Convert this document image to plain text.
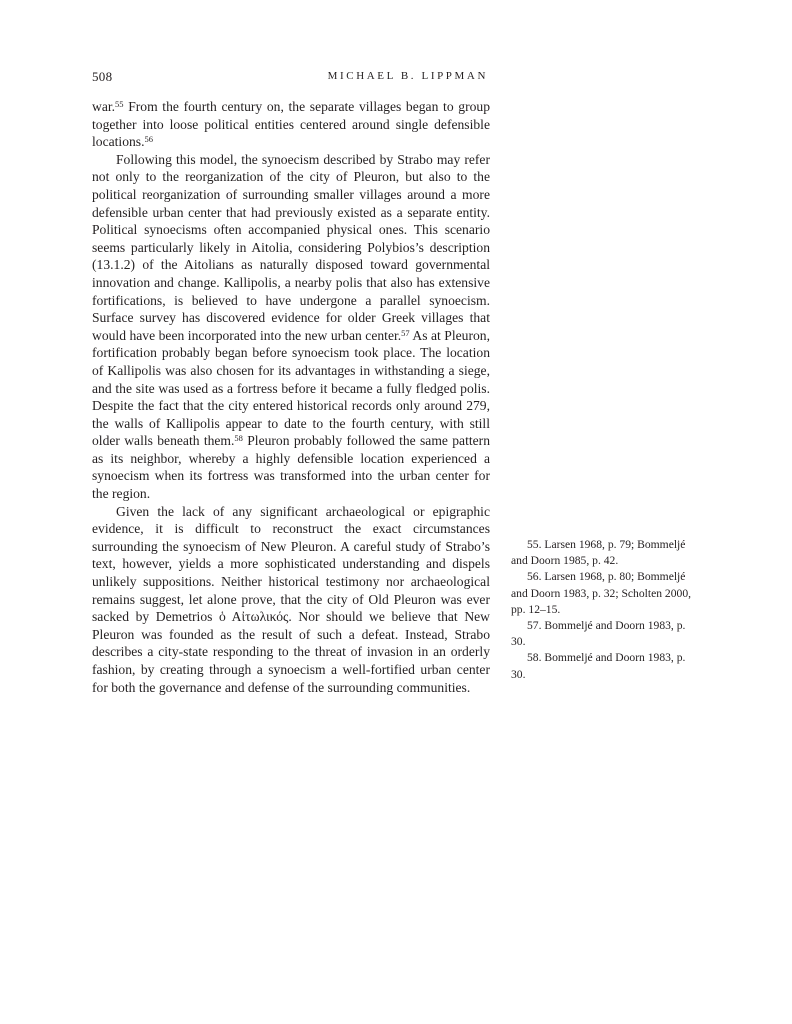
508	MICHAEL B. LIPPMAN

war.$^{55}$ From the fourth century on, the separate villages began to group together into loose political entities centered around single defensible locations.$^{56}$

Following this model, the synoecism described by Strabo may refer not only to the reorganization of the city of Pleuron, but also to the political reorganization of surrounding smaller villages around a more defensible urban center that had previously existed as a separate entity. Political synoecisms often accompanied physical ones. This scenario seems particularly likely in Aitolia, considering Polybios’s description (13.1.2) of the Aitolians as naturally disposed toward governmental innovation and change. Kallipolis, a nearby polis that also has extensive fortifications, is believed to have undergone a parallel synoecism. Surface survey has discovered evidence for older Greek villages that would have been incorporated into the new urban center.$^{57}$ As at Pleuron, fortification probably began before synoecism took place. The location of Kallipolis was also chosen for its advantages in withstanding a siege, and the site was used as a fortress before it became a fully fledged polis. Despite the fact that the city entered historical records only around 279, the walls of Kallipolis appear to date to the fourth century, with still older walls beneath them.$^{58}$ Pleuron probably followed the same pattern as its neighbor, whereby a highly defensible location experienced a synoecism when its fortress was transformed into the urban center for the region.

Given the lack of any significant archaeological or epigraphic evidence, it is difficult to reconstruct the exact circumstances surrounding the synoecism of New Pleuron. A careful study of Strabo’s text, however, yields a more sophisticated understanding and dispels unlikely suppositions. Neither historical testimony nor archaeological remains suggest, let alone prove, that the city of Old Pleuron was ever sacked by Demetrios ὁ Αἰτωλικός. Nor should we believe that New Pleuron was founded as the result of such a defeat. Instead, Strabo describes a city-state responding to the threat of invasion in an orderly fashion, by creating through a synoecism a well-fortified urban center for both the governance and defense of the surrounding communities.

55. Larsen 1968, p. 79; Bommeljé and Doorn 1985, p. 42.

56. Larsen 1968, p. 80; Bommeljé and Doorn 1983, p. 32; Scholten 2000, pp. 12–15.

57. Bommeljé and Doorn 1983, p. 30.

58. Bommeljé and Doorn 1983, p. 30.
